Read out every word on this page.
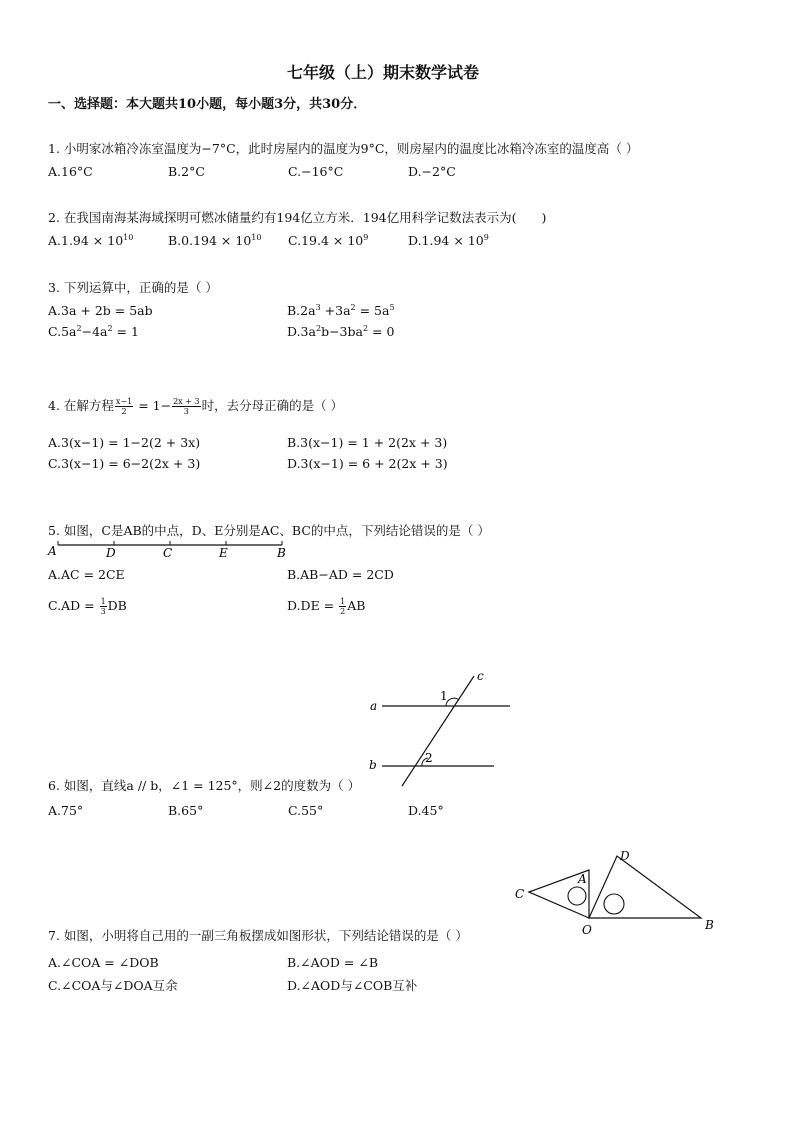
七年级（上）期末数学试卷
一、选择题：本大题共10小题，每小题3分，共30分．
1. 小明家冰箱冷冻室温度为−7°C，此时房屋内的温度为9°C，则房屋内的温度比冰箱冷冻室的温度高（ ）
A.16°C	B.2°C	C.−16°C	D.−2°C
2. 在我国南海某海域探明可燃冰储量约有194亿立方米．194亿用科学记数法表示为(　　)
$A.1.94 \times 10^{10}$	$B.0.194 \times 10^{10}$ $C.19.4 \times 10^9$	$D.1.94 \times 10^9$
3. 下列运算中，正确的是（ ）
A.3a + 2b = 5ab	$B.2a^3 +3a^2 = 5a^5$
$C.5a^2-4a^2 = 1$	$D.3a^2b-3ba^2 = 0$
4. 在解方程 $\frac{x-1}{2} = 1- \frac{2x + 3}{3}$ 时，去分母正确的是（ ）
A.3(x−1) = 1−2(2 + 3x)	B.3(x−1) = 1 + 2(2x + 3)
C.3(x−1) = 6−2(2x + 3)	D.3(x−1) = 6 + 2(2x + 3)
5. 如图，C是AB的中点，D、E分别是AC、BC的中点，下列结论错误的是（ ）
A	D	C	E	B
A.AC = 2CE	B.AB−AD = 2CD
$C.AD = \frac{1}{3}$ DB	$D.DE = \frac{1}{2}$ AB
a
b
c
1
2
6. 如图，直线a // b，∠1 = 125°，则∠2的度数为（ ）
A.75°	B.65°	C.55°	D.45°
C
A
D
O	B
7. 如图，小明将自己用的一副三角板摆成如图形状，下列结论错误的是（ ）
A.∠COA = ∠DOB	B.∠AOD = ∠B
C.∠COA与∠DOA互余	D.∠AOD与∠COB互补
